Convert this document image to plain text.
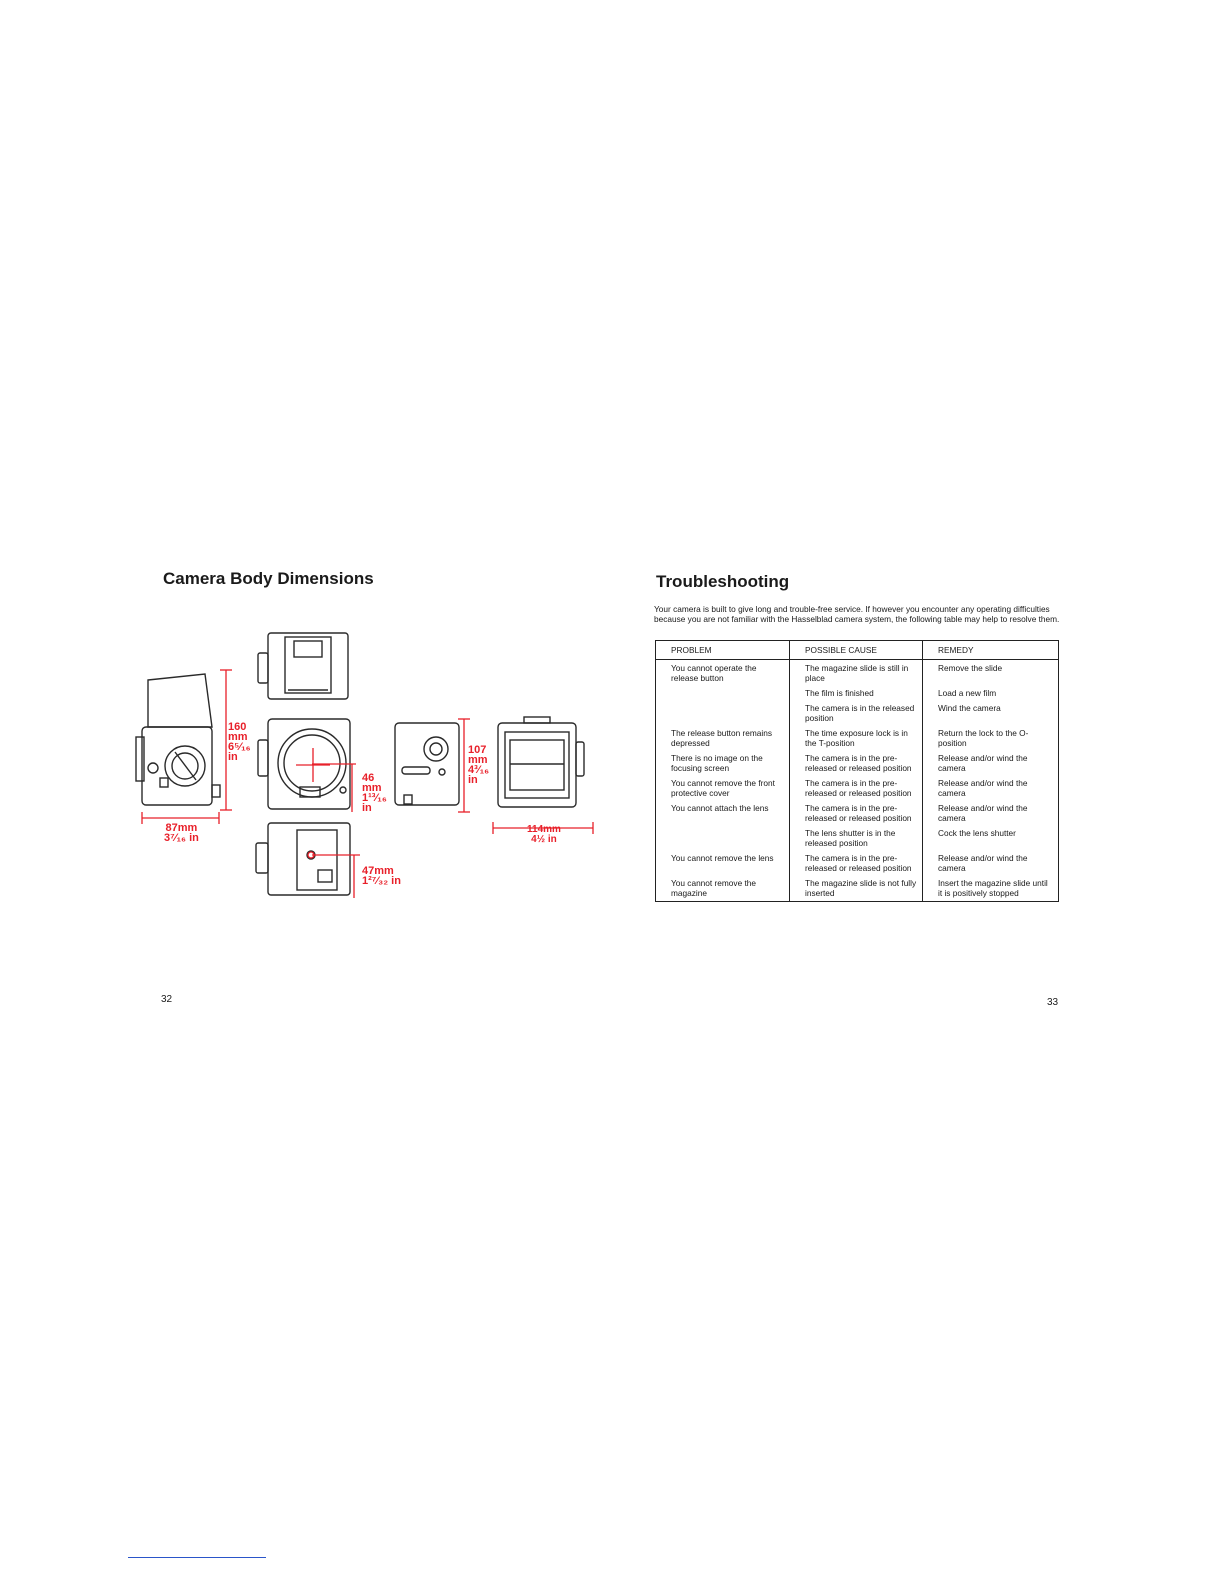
Camera Body Dimensions
160
mm
6⁵⁄₁₆
in
46
mm
1¹³⁄₁₆
in
107
mm
4³⁄₁₆
in
87mm
3⁷⁄₁₆ in
114mm
4½ in
47mm
1²⁷⁄₃₂ in
32
Troubleshooting

Your camera is built to give long and trouble-free service. If however you encounter any operating difficulties because you are not familiar with the Hasselblad camera system, the following table may help to resolve them.

PROBLEM	POSSIBLE CAUSE	REMEDY
You cannot operate the release button	The magazine slide is still in place	Remove the slide
	The film is finished	Load a new film
	The camera is in the released position	Wind the camera
The release button remains depressed	The time exposure lock is in the T-position	Return the lock to the O-position
There is no image on the focusing screen	The camera is in the pre-released or released position	Release and/or wind the camera
You cannot remove the front protective cover	The camera is in the pre-released or released position	Release and/or wind the camera
You cannot attach the lens	The camera is in the pre-released or released position	Release and/or wind the camera
	The lens shutter is in the released position	Cock the lens shutter
You cannot remove the lens	The camera is in the pre-released or released position	Release and/or wind the camera
You cannot remove the magazine	The magazine slide is not fully inserted	Insert the magazine slide until it is positively stopped
33
